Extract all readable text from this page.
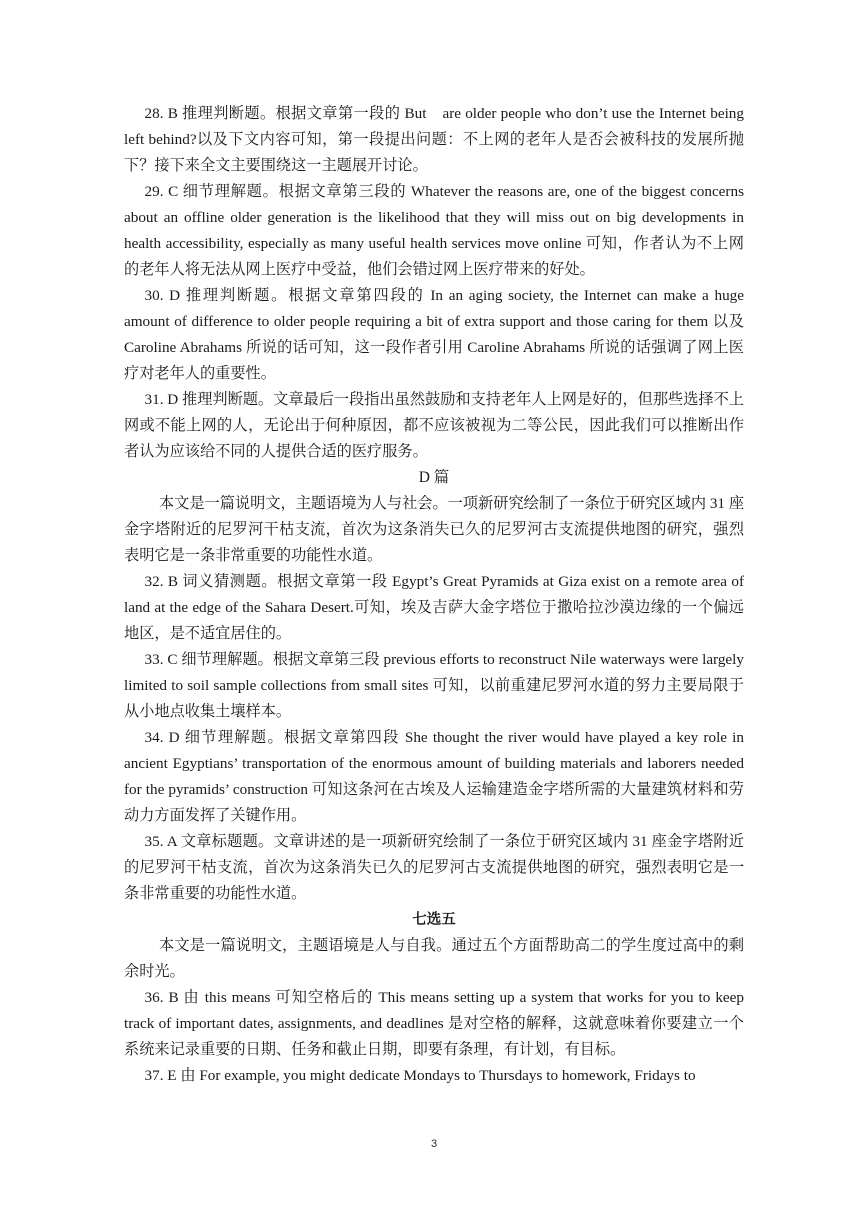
28. B 推理判断题。根据文章第一段的 But　are older people who don’t use the Internet being left behind?以及下文内容可知，第一段提出问题：不上网的老年人是否会被科技的发展所抛下？接下来全文主要围绕这一主题展开讨论。

29. C 细节理解题。根据文章第三段的 Whatever the reasons are, one of the biggest concerns about an offline older generation is the likelihood that they will miss out on big developments in health accessibility, especially as many useful health services move online 可知，作者认为不上网的老年人将无法从网上医疗中受益，他们会错过网上医疗带来的好处。

30. D 推理判断题。根据文章第四段的 In an aging society, the Internet can make a huge amount of difference to older people requiring a bit of extra support and those caring for them 以及 Caroline Abrahams 所说的话可知，这一段作者引用 Caroline Abrahams 所说的话强调了网上医疗对老年人的重要性。

31. D 推理判断题。文章最后一段指出虽然鼓励和支持老年人上网是好的，但那些选择不上网或不能上网的人，无论出于何种原因，都不应该被视为二等公民，因此我们可以推断出作者认为应该给不同的人提供合适的医疗服务。

D 篇

本文是一篇说明文，主题语境为人与社会。一项新研究绘制了一条位于研究区域内 31 座金字塔附近的尼罗河干枯支流，首次为这条消失已久的尼罗河古支流提供地图的研究，强烈表明它是一条非常重要的功能性水道。

32. B 词义猜测题。根据文章第一段 Egypt’s Great Pyramids at Giza exist on a remote area of land at the edge of the Sahara Desert.可知，埃及吉萨大金字塔位于撒哈拉沙漠边缘的一个偏远地区，是不适宜居住的。

33. C 细节理解题。根据文章第三段 previous efforts to reconstruct Nile waterways were largely limited to soil sample collections from small sites 可知，以前重建尼罗河水道的努力主要局限于从小地点收集土壤样本。

34. D 细节理解题。根据文章第四段 She thought the river would have played a key role in ancient Egyptians’ transportation of the enormous amount of building materials and laborers needed for the pyramids’ construction 可知这条河在古埃及人运输建造金字塔所需的大量建筑材料和劳动力方面发挥了关键作用。

35. A 文章标题题。文章讲述的是一项新研究绘制了一条位于研究区域内 31 座金字塔附近的尼罗河干枯支流，首次为这条消失已久的尼罗河古支流提供地图的研究，强烈表明它是一条非常重要的功能性水道。

七选五

本文是一篇说明文，主题语境是人与自我。通过五个方面帮助高二的学生度过高中的剩余时光。

36. B 由 this means 可知空格后的 This means setting up a system that works for you to keep track of important dates, assignments, and deadlines 是对空格的解释，这就意味着你要建立一个系统来记录重要的日期、任务和截止日期，即要有条理，有计划，有目标。

37. E 由 For example, you might dedicate Mondays to Thursdays to homework, Fridays to

3
